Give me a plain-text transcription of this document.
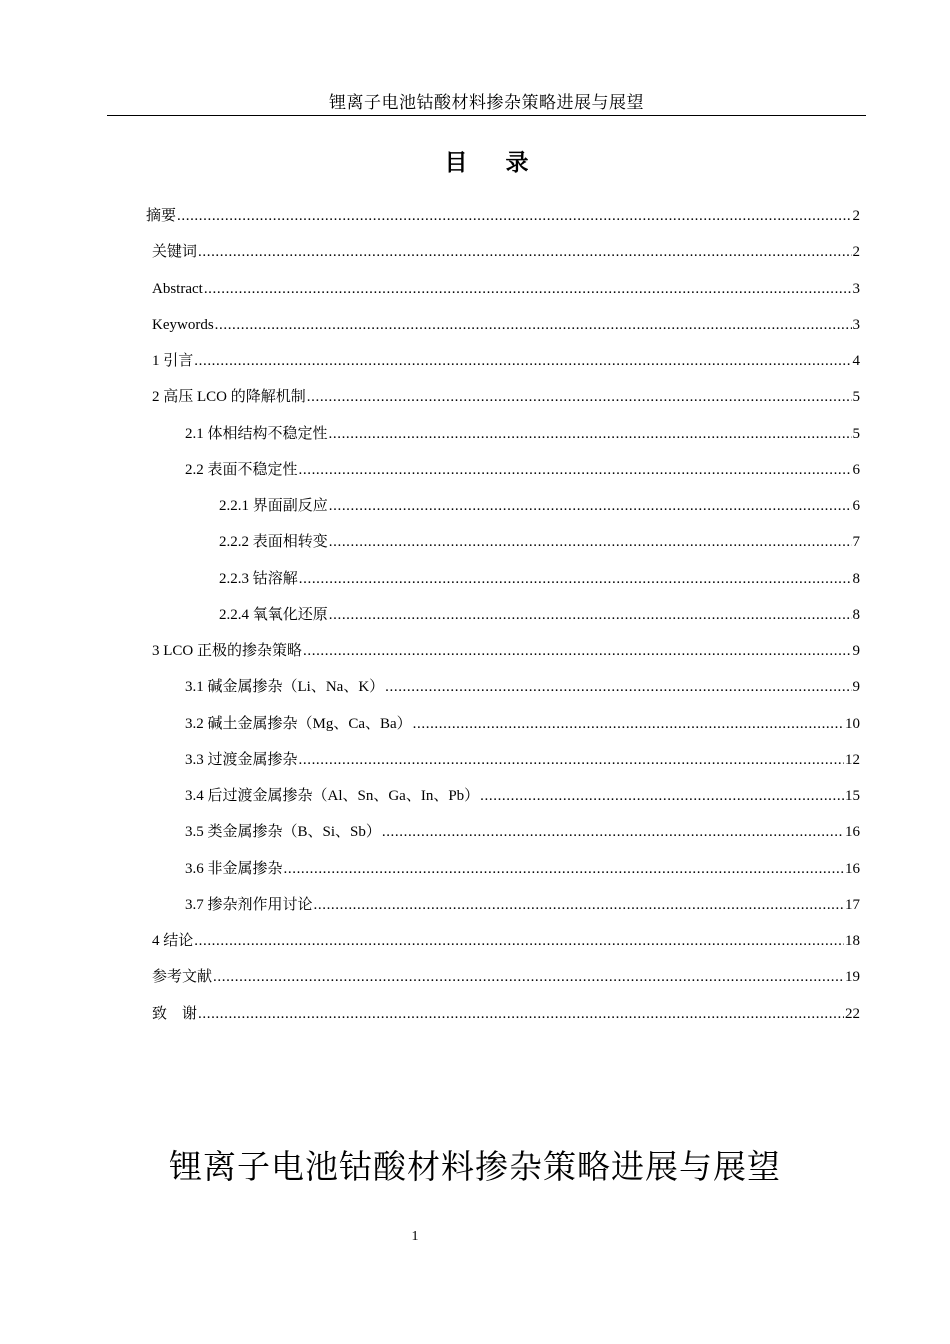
锂离子电池钴酸材料掺杂策略进展与展望
目 录
摘要 .....	2
关键词 .....	2
Abstract .....	3
Keywords .....	3
1 引言 .....	4
2 高压 LCO 的降解机制 .....	5
2.1 体相结构不稳定性 .....	5
2.2 表面不稳定性 .....	6
2.2.1 界面副反应 .....	6
2.2.2 表面相转变 .....	7
2.2.3 钴溶解 .....	8
2.2.4 氧氧化还原 .....	8
3 LCO 正极的掺杂策略 .....	9
3.1 碱金属掺杂（Li、Na、K） .....	9
3.2 碱土金属掺杂（Mg、Ca、Ba） .....	10
3.3 过渡金属掺杂 .....	12
3.4 后过渡金属掺杂（Al、Sn、Ga、In、Pb） .....	15
3.5 类金属掺杂（B、Si、Sb） .....	16
3.6 非金属掺杂 .....	16
3.7 掺杂剂作用讨论 .....	17
4 结论 .....	18
参考文献 .....	19
致　谢 .....	22
锂离子电池钴酸材料掺杂策略进展与展望
1
